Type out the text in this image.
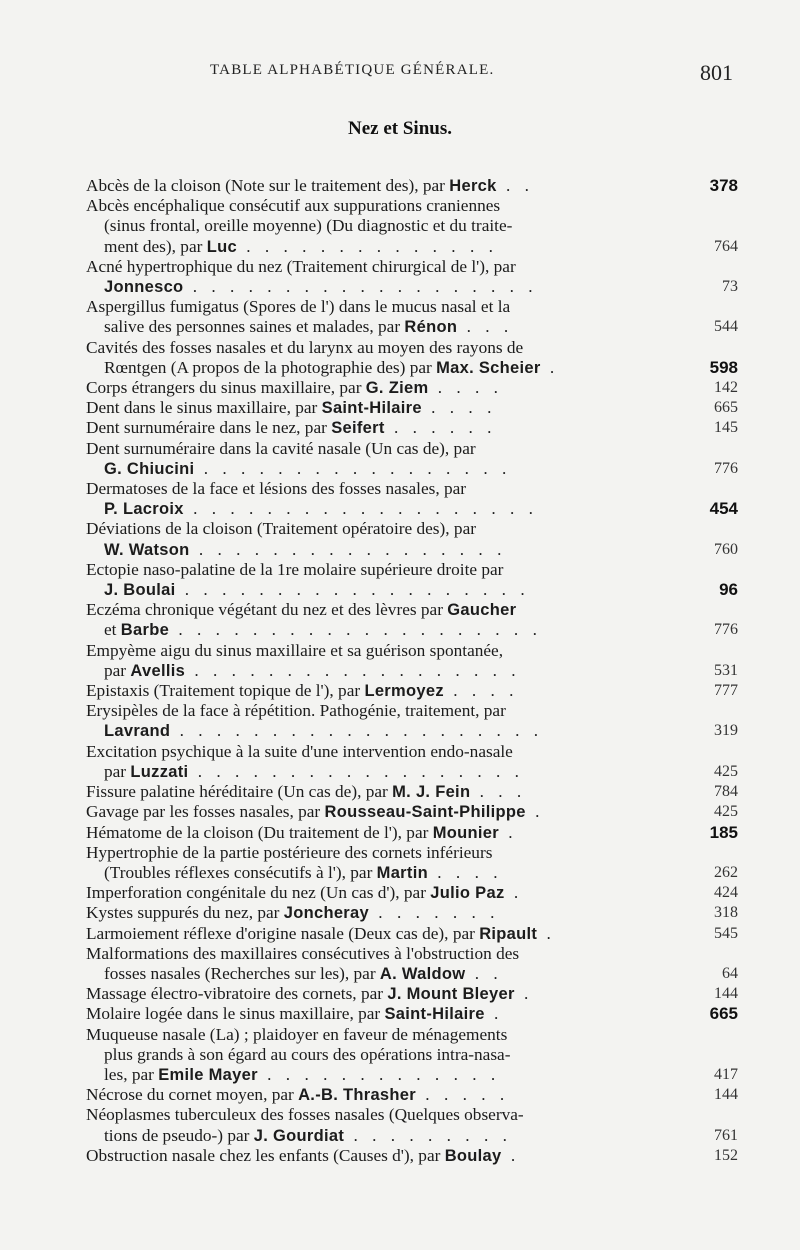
TABLE ALPHABÉTIQUE GÉNÉRALE.	801
Nez et Sinus.
Abcès de la cloison (Note sur le traitement des), par Herck . .	378
Abcès encéphalique consécutif aux suppurations craniennes
(sinus frontal, oreille moyenne) (Du diagnostic et du traite-
ment des), par Luc . . . . . . . . . . . . . .	764
Acné hypertrophique du nez (Traitement chirurgical de l'), par
Jonnesco . . . . . . . . . . . . . . . . . . .	73
Aspergillus fumigatus (Spores de l') dans le mucus nasal et la
salive des personnes saines et malades, par Rénon . . .	544
Cavités des fosses nasales et du larynx au moyen des rayons de
Rœntgen (A propos de la photographie des) par Max. Scheier .	598
Corps étrangers du sinus maxillaire, par G. Ziem . . . .	142
Dent dans le sinus maxillaire, par Saint-Hilaire . . . .	665
Dent surnuméraire dans le nez, par Seifert . . . . . .	145
Dent surnuméraire dans la cavité nasale (Un cas de), par
G. Chiucini . . . . . . . . . . . . . . . . .	776
Dermatoses de la face et lésions des fosses nasales, par
P. Lacroix . . . . . . . . . . . . . . . . . . .	454
Déviations de la cloison (Traitement opératoire des), par
W. Watson . . . . . . . . . . . . . . . . .	760
Ectopie naso-palatine de la 1re molaire supérieure droite par
J. Boulai . . . . . . . . . . . . . . . . . . .	96
Eczéma chronique végétant du nez et des lèvres par Gaucher
et Barbe . . . . . . . . . . . . . . . . . . . .	776
Empyème aigu du sinus maxillaire et sa guérison spontanée,
par Avellis . . . . . . . . . . . . . . . . . .	531
Epistaxis (Traitement topique de l'), par Lermoyez . . . .	777
Erysipèles de la face à répétition. Pathogénie, traitement, par
Lavrand . . . . . . . . . . . . . . . . . . . .	319
Excitation psychique à la suite d'une intervention endo-nasale
par Luzzati . . . . . . . . . . . . . . . . . .	425
Fissure palatine héréditaire (Un cas de), par M. J. Fein . . .	784
Gavage par les fosses nasales, par Rousseau-Saint-Philippe .	425
Hématome de la cloison (Du traitement de l'), par Mounier .	185
Hypertrophie de la partie postérieure des cornets inférieurs
(Troubles réflexes consécutifs à l'), par Martin . . . .	262
Imperforation congénitale du nez (Un cas d'), par Julio Paz .	424
Kystes suppurés du nez, par Joncheray . . . . . . .	318
Larmoiement réflexe d'origine nasale (Deux cas de), par Ripault .	545
Malformations des maxillaires consécutives à l'obstruction des
fosses nasales (Recherches sur les), par A. Waldow . .	64
Massage électro-vibratoire des cornets, par J. Mount Bleyer .	144
Molaire logée dans le sinus maxillaire, par Saint-Hilaire .	665
Muqueuse nasale (La) ; plaidoyer en faveur de ménagements
plus grands à son égard au cours des opérations intra-nasa-
les, par Emile Mayer . . . . . . . . . . . . .	417
Nécrose du cornet moyen, par A.-B. Thrasher . . . . .	144
Néoplasmes tuberculeux des fosses nasales (Quelques observa-
tions de pseudo-) par J. Gourdiat . . . . . . . . .	761
Obstruction nasale chez les enfants (Causes d'), par Boulay .	152
